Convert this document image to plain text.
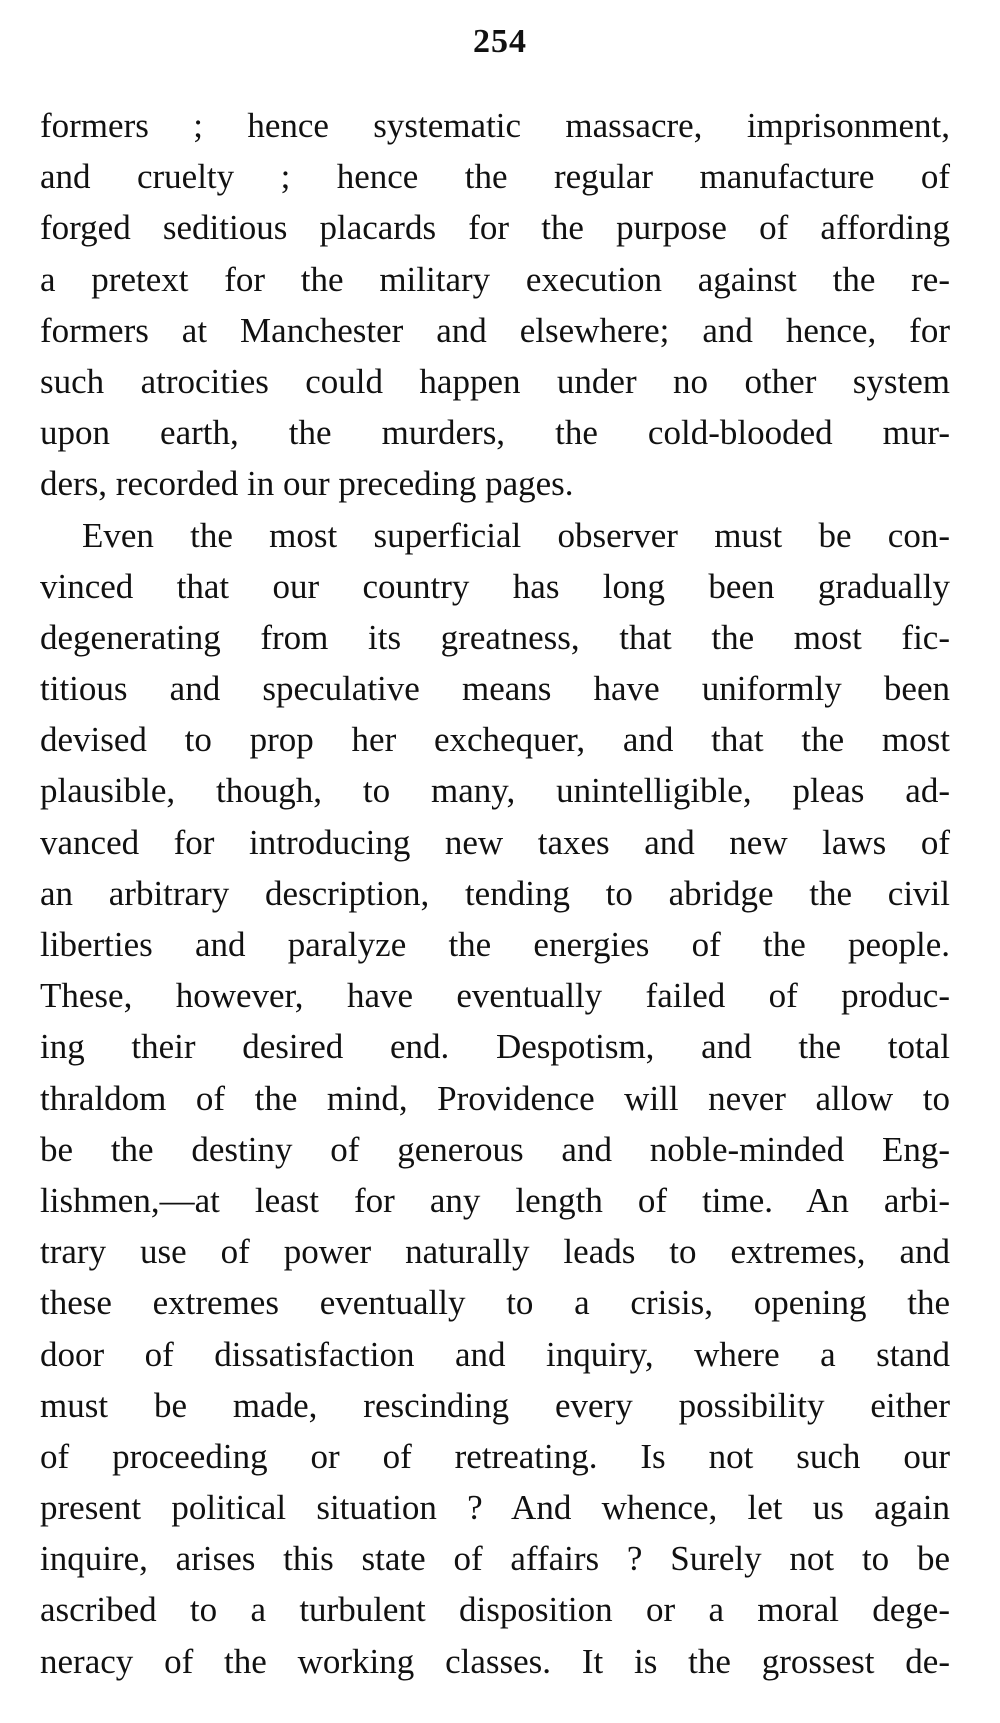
254
formers ; hence systematic massacre, imprisonment,
and cruelty ; hence the regular manufacture of
forged seditious placards for the purpose of affording
a pretext for the military execution against the re-
formers at Manchester and elsewhere; and hence, for
such atrocities could happen under no other system
upon earth, the murders, the cold-blooded mur-
ders, recorded in our preceding pages.
Even the most superficial observer must be con-
vinced that our country has long been gradually
degenerating from its greatness, that the most fic-
titious and speculative means have uniformly been
devised to prop her exchequer, and that the most
plausible, though, to many, unintelligible, pleas ad-
vanced for introducing new taxes and new laws of
an arbitrary description, tending to abridge the civil
liberties and paralyze the energies of the people.
These, however, have eventually failed of produc-
ing their desired end. Despotism, and the total
thraldom of the mind, Providence will never allow to
be the destiny of generous and noble-minded Eng-
lishmen,—at least for any length of time. An arbi-
trary use of power naturally leads to extremes, and
these extremes eventually to a crisis, opening the
door of dissatisfaction and inquiry, where a stand
must be made, rescinding every possibility either
of proceeding or of retreating. Is not such our
present political situation ? And whence, let us again
inquire, arises this state of affairs ? Surely not to be
ascribed to a turbulent disposition or a moral dege-
neracy of the working classes. It is the grossest de-
